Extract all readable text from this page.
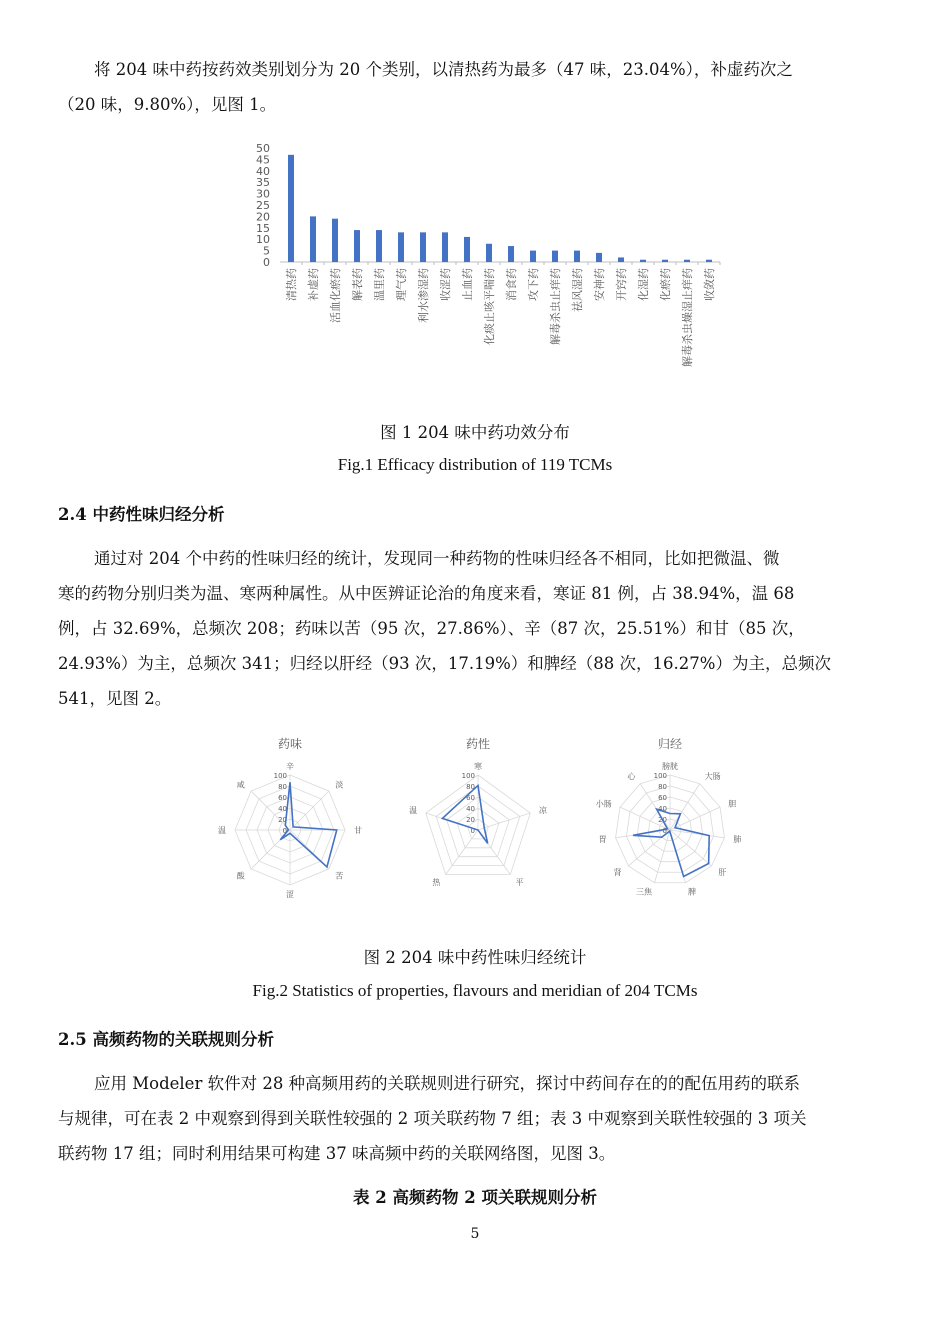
将 204 味中药按药效类别划分为 20 个类别，以清热药为最多（47 味，23.04%），补虚药次之
（20 味，9.80%），见图 1。
0
5
10
15
20
25
30
35
40
45
50
清热药 补虚药 活血化瘀药 解表药 温里药 理气药 利水渗湿药 收涩药 止血药 化痰止咳平喘药 消食药 攻下药 解毒杀虫止痒药 祛风湿药 安神药 开窍药 化湿药 化瘀药 解毒杀虫燥湿止痒药 收敛药
图 1 204 味中药功效分布
Fig.1 Efficacy distribution of 119 TCMs
2.4 中药性味归经分析
通过对 204 个中药的性味归经的统计，发现同一种药物的性味归经各不相同，比如把微温、微
寒的药物分别归类为温、寒两种属性。从中医辨证论治的角度来看，寒证 81 例，占 38.94%，温 68
例，占 32.69%，总频次 208；药味以苦（95 次，27.86%）、辛（87 次，25.51%）和甘（85 次，
24.93%）为主，总频次 341；归经以肝经（93 次，17.19%）和脾经（88 次，16.27%）为主，总频次
541，见图 2。
药味
0
20
40
60
80
100
辛
淡
甘
苦
涩
酸
温
咸
药性
0
20
40
60
80
100
寒
凉
平
热
温
归经
0
20
40
60
80
100
膀胱
大肠
胆
肺
肝
脾
三焦
肾
胃
小肠
心
图 2 204 味中药性味归经统计
Fig.2 Statistics of properties, flavours and meridian of 204 TCMs
2.5 高频药物的关联规则分析
应用 Modeler 软件对 28 种高频用药的关联规则进行研究，探讨中药间存在的的配伍用药的联系
与规律，可在表 2 中观察到得到关联性较强的 2 项关联药物 7 组；表 3 中观察到关联性较强的 3 项关
联药物 17 组；同时利用结果可构建 37 味高频中药的关联网络图，见图 3。
表 2 高频药物 2 项关联规则分析
5
